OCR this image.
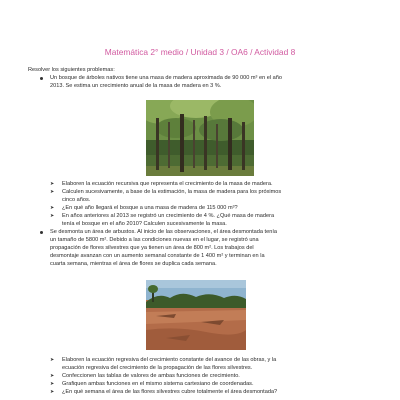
Matemática 2° medio / Unidad 3 / OA6 / Actividad 8
Resolver los siguientes problemas:
Un bosque de árboles nativos tiene una masa de madera aproximada de 90 000 m³ en el año
2013. Se estima un crecimiento anual de la masa de madera en 3 %.
➤ Elaboren la ecuación recursiva que representa el crecimiento de la masa de madera.
➤ Calculen sucesivamente, a base de la estimación, la masa de madera para los próximos
cinco años.
➤ ¿En qué año llegará el bosque a una masa de madera de 115 000 m³?
➤ En años anteriores al 2013 se registró un crecimiento de 4 %. ¿Qué masa de madera
tenía el bosque en el año 2010? Calculen sucesivamente la masa.
Se desmonta un área de arbustos. Al inicio de las observaciones, el área desmontada tenía
un tamaño de 5800 m². Debido a las condiciones nuevas en el lugar, se registró una
propagación de flores silvestres que ya tienen un área de 800 m². Los trabajos del
desmontaje avanzan con un aumento semanal constante de 1 400 m² y terminan en la
cuarta semana, mientras el área de flores se duplica cada semana.
➤ Elaboren la ecuación regresiva del crecimiento constante del avance de las obras, y la
ecuación regresiva del crecimiento de la propagación de las flores silvestres.
➤ Confeccionen las tablas de valores de ambas funciones de crecimiento.
➤ Grafiquen ambas funciones en el mismo sistema cartesiano de coordenadas.
➤ ¿En qué semana el área de las flores silvestres cubre totalmente el área desmontada?
